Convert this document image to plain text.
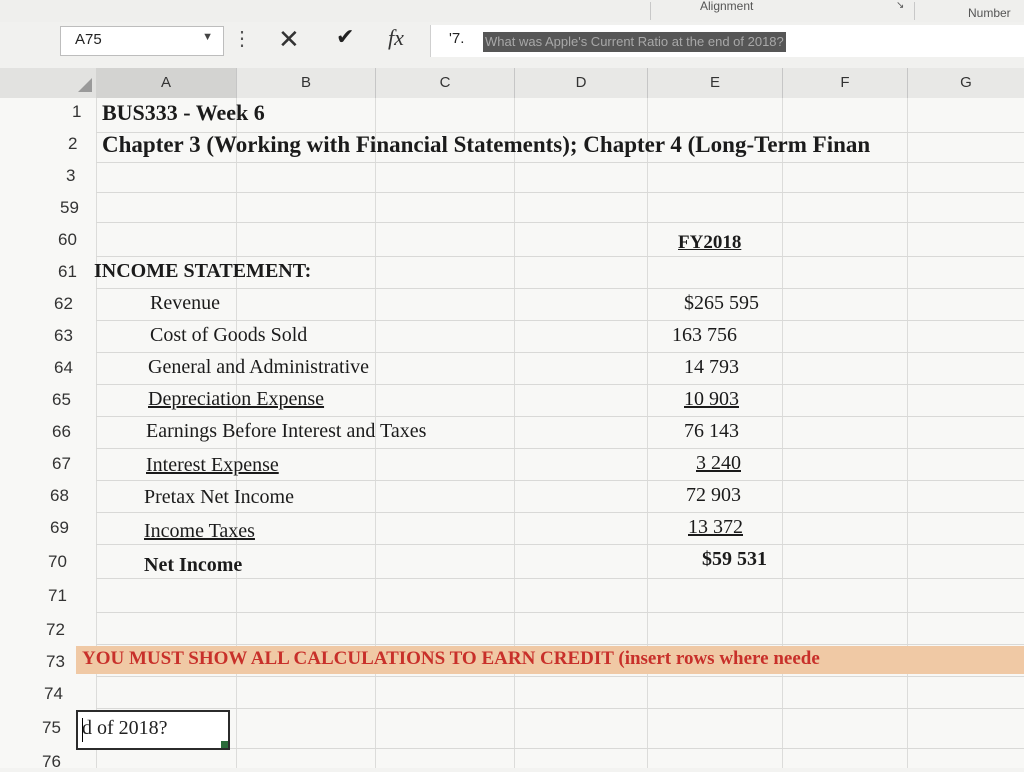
Alignment	↘
Number
A75	▼ ⋮ ✕ ✔ fx	'7. What was Apple's Current Ratio at the end of 2018?
A	B	C	D	E	F	G
1
2
3
59
60
61
62
63
64
65
66
67
68
69
70
71
72
73
74
75
76
BUS333 - Week 6
Chapter 3 (Working with Financial Statements); Chapter 4 (Long-Term Finan
FY2018
INCOME STATEMENT:
Revenue	$265 595
Cost of Goods Sold	163 756
General and Administrative	14 793
Depreciation Expense	10 903
Earnings Before Interest and Taxes	76 143
Interest Expense	3 240
Pretax Net Income	72 903
Income Taxes	13 372
Net Income	$59 531
YOU MUST SHOW ALL CALCULATIONS TO EARN CREDIT (insert rows where neede
d of 2018?
